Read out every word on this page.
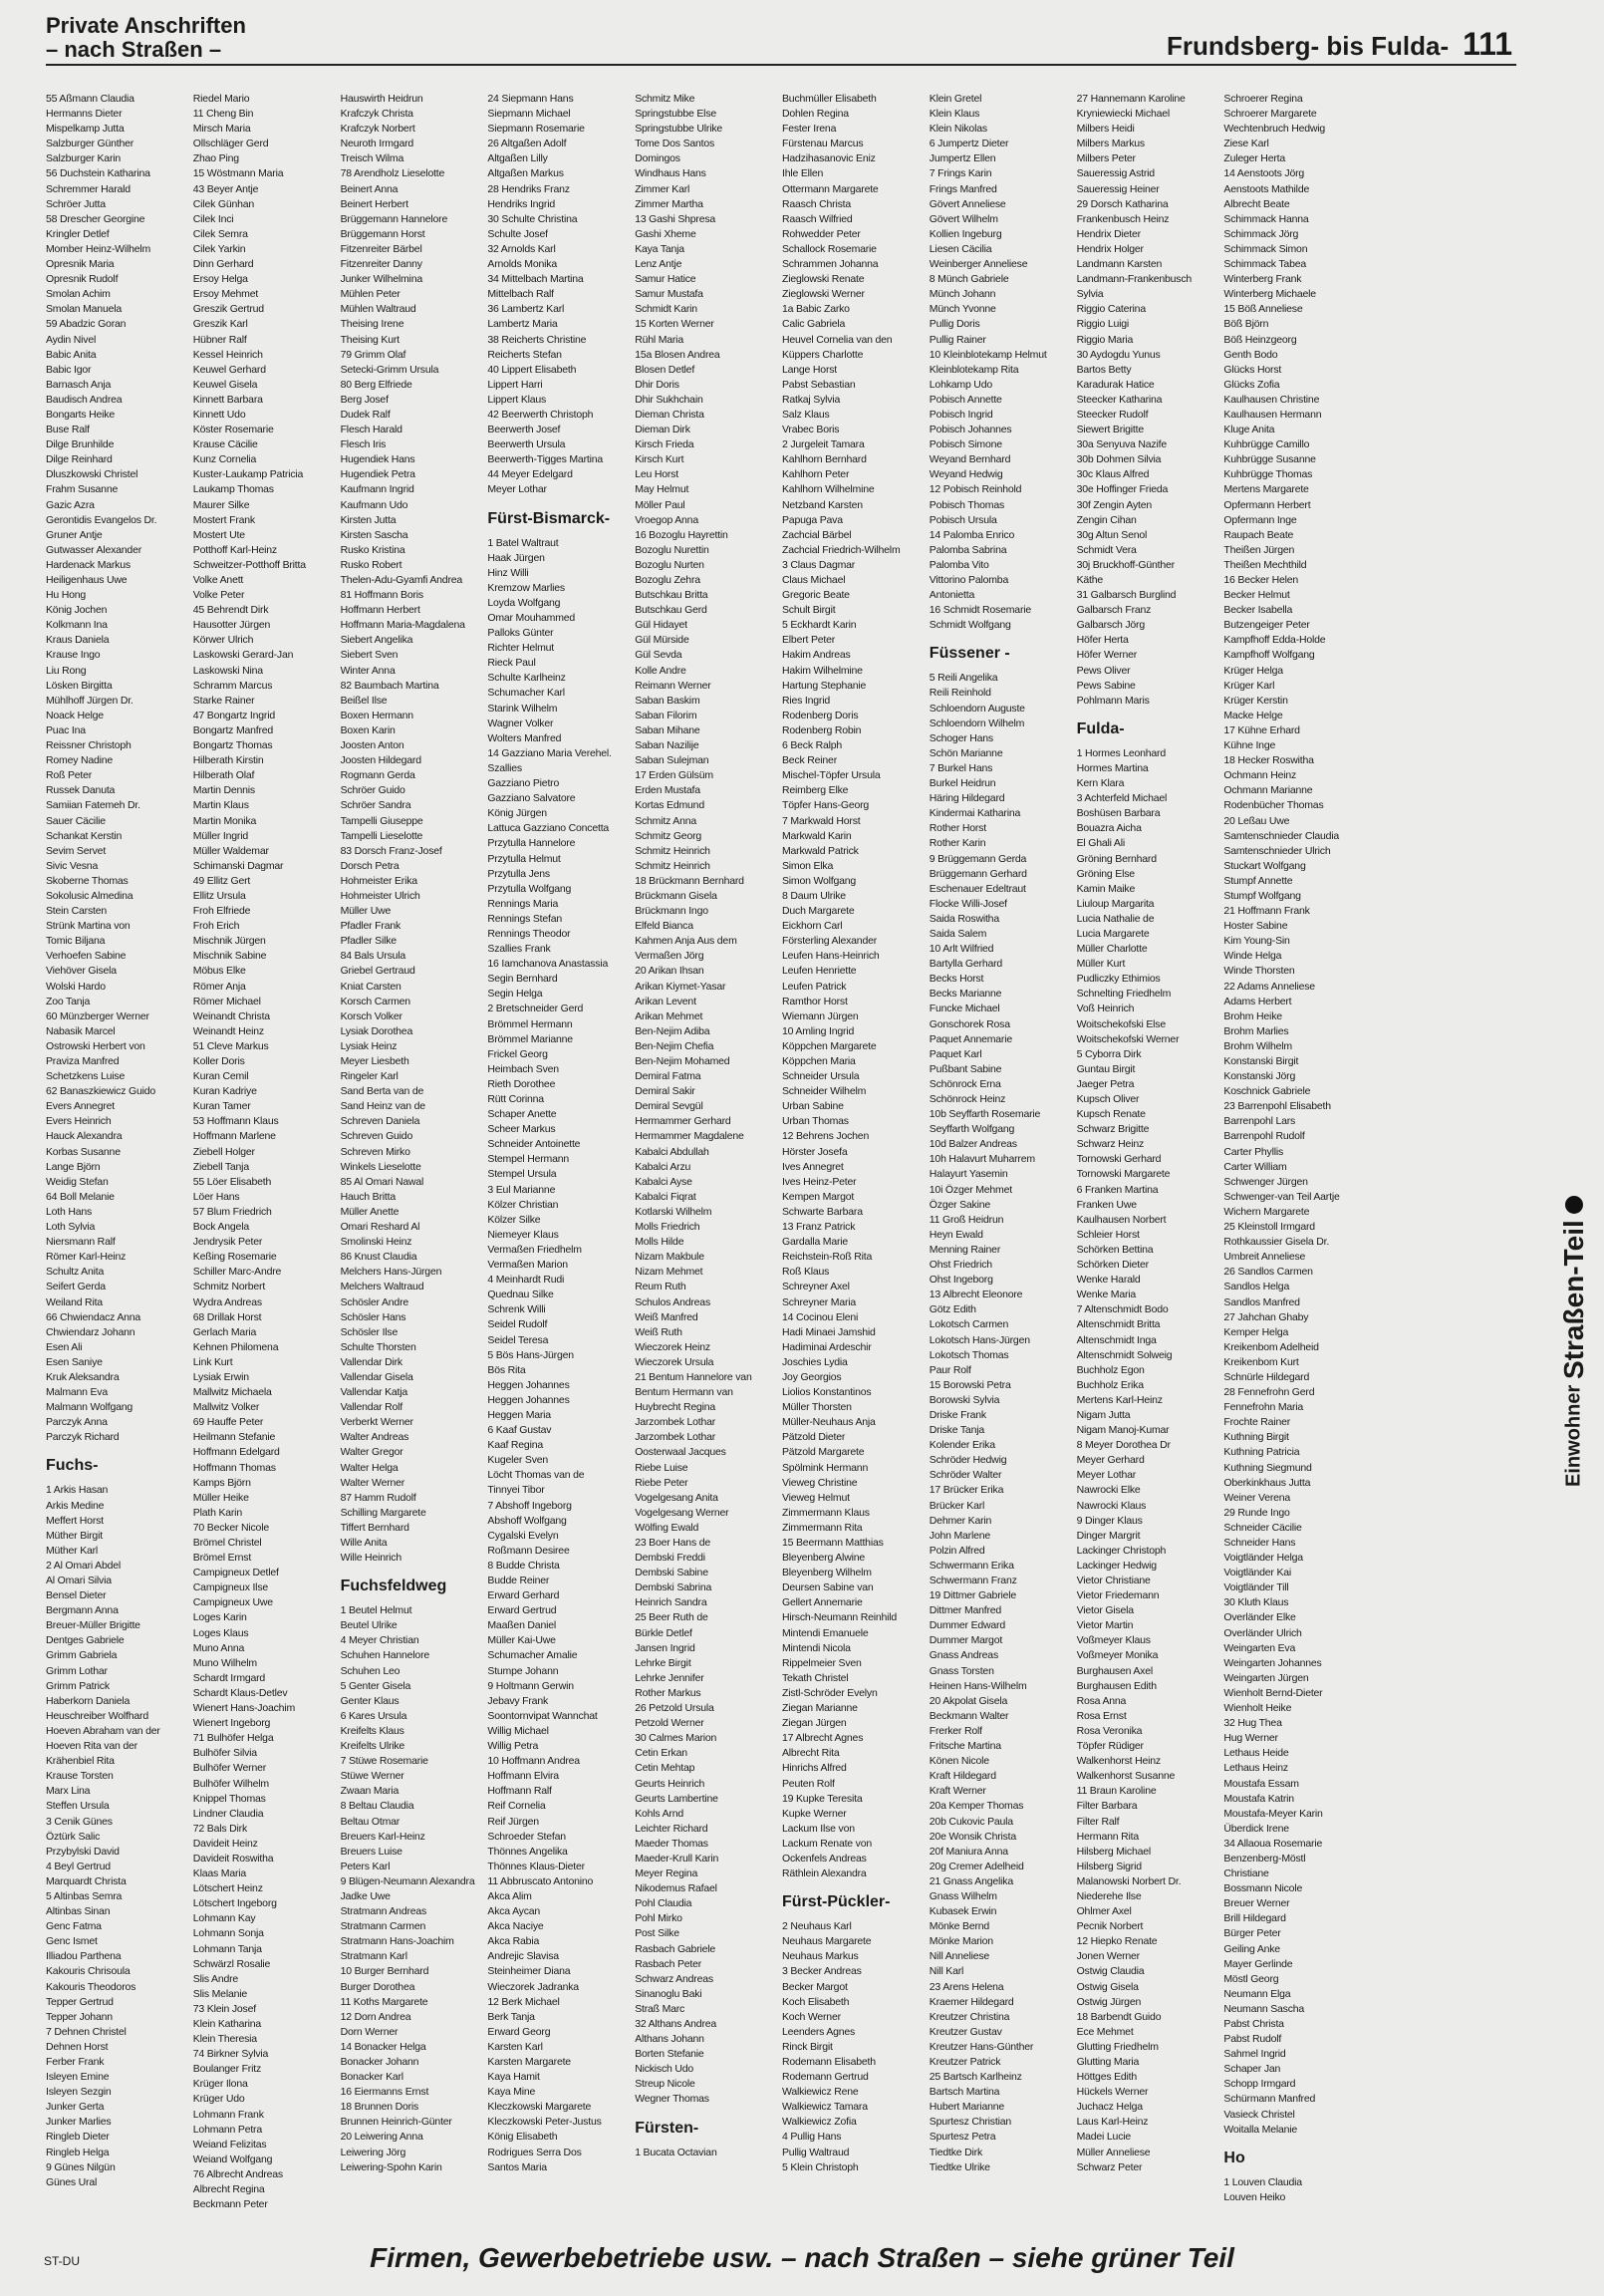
Private Anschriften
– nach Straßen –	Frundsberg- bis Fulda- 111
55 Aßmann Claudia
Hermanns Dieter
Mispelkamp Jutta
Salzburger Günther
Salzburger Karin
56 Duchstein Katharina
Schremmer Harald
Schröer Jutta
58 Drescher Georgine
Kringler Detlef
Momber Heinz-Wilhelm
Opresnik Maria
Opresnik Rudolf
Smolan Achim
Smolan Manuela
59 Abadzic Goran
Aydin Nivel
Babic Anita
Babic Igor
Barnasch Anja
Baudisch Andrea
Bongarts Heike
Buse Ralf
Dilge Brunhilde
Dilge Reinhard
Dluszkowski Christel
Frahm Susanne
Gazic Azra
Gerontidis Evangelos Dr.
Gruner Antje
Gutwasser Alexander
Hardenack Markus
Heiligenhaus Uwe
Hu Hong
König Jochen
Kolkmann Ina
Kraus Daniela
Krause Ingo
Liu Rong
Lösken Birgitta
Mühlhoff Jürgen Dr.
Noack Helge
Puac Ina
Reissner Christoph
Romey Nadine
Roß Peter
Russek Danuta
Samiian Fatemeh Dr.
Sauer Cäcilie
Schankat Kerstin
Sevim Servet
Sivic Vesna
Skoberne Thomas
Sokolusic Almedina
Stein Carsten
Strünk Martina von
Tomic Biljana
Verhoefen Sabine
Viehöver Gisela
Wolski Hardo
Zoo Tanja
60 Münzberger Werner
Nabasik Marcel
Ostrowski Herbert von
Praviza Manfred
Schetzkens Luise
62 Banaszkiewicz Guido
Evers Annegret
Evers Heinrich
Hauck Alexandra
Korbas Susanne
Lange Björn
Weidig Stefan
64 Boll Melanie
Loth Hans
Loth Sylvia
Niersmann Ralf
Römer Karl-Heinz
Schultz Anita
Seifert Gerda
Weiland Rita
66 Chwiendacz Anna
Chwiendarz Johann
Esen Ali
Esen Saniye
Kruk Aleksandra
Malmann Eva
Malmann Wolfgang
Parczyk Anna
Parczyk Richard
Fuchs-
1 Arkis Hasan
Arkis Medine
Meffert Horst
Müther Birgit
Müther Karl
2 Al Omari Abdel
Al Omari Silvia
Bensel Dieter
Bergmann Anna
Breuer-Müller Brigitte
Dentges Gabriele
Grimm Gabriela
Grimm Lothar
Grimm Patrick
Haberkorn Daniela
Heuschreiber Wolfhard
Hoeven Abraham van der
Hoeven Rita van der
Krähenbiel Rita
Krause Torsten
Marx Lina
Steffen Ursula
3 Cenik Günes
Öztürk Salic
Przybylski David
4 Beyl Gertrud
Marquardt Christa
5 Altinbas Semra
Altinbas Sinan
Genc Fatma
Genc Ismet
Illiadou Parthena
Kakouris Chrisoula
Kakouris Theodoros
Tepper Gertrud
Tepper Johann
7 Dehnen Christel
Dehnen Horst
Ferber Frank
Isleyen Emine
Isleyen Sezgin
Junker Gerta
Junker Marlies
Ringleb Dieter
Ringleb Helga
9 Günes Nilgün
Günes Ural
Riedel Mario
11 Cheng Bin
Mirsch Maria
Ollschläger Gerd
Zhao Ping
15 Wöstmann Maria
43 Beyer Antje
Cilek Günhan
Cilek Inci
Cilek Semra
Cilek Yarkin
Dinn Gerhard
Ersoy Helga
Ersoy Mehmet
Greszik Gertrud
Greszik Karl
Hübner Ralf
Kessel Heinrich
Keuwel Gerhard
Keuwel Gisela
Kinnett Barbara
Kinnett Udo
Köster Rosemarie
Krause Cäcilie
Kunz Cornelia
Kuster-Laukamp Patricia
Laukamp Thomas
Maurer Silke
Mostert Frank
Mostert Ute
Potthoff Karl-Heinz
Schweitzer-Potthoff Britta
Volke Anett
Volke Peter
45 Behrendt Dirk
Hausotter Jürgen
Körwer Ulrich
Laskowski Gerard-Jan
Laskowski Nina
Schramm Marcus
Starke Rainer
47 Bongartz Ingrid
Bongartz Manfred
Bongartz Thomas
Hilberath Kirstin
Hilberath Olaf
Martin Dennis
Martin Klaus
Martin Monika
Müller Ingrid
Müller Waldemar
Schimanski Dagmar
49 Ellitz Gert
Ellitz Ursula
Froh Elfriede
Froh Erich
Mischnik Jürgen
Mischnik Sabine
Möbus Elke
Römer Anja
Römer Michael
Weinandt Christa
Weinandt Heinz
51 Cleve Markus
Koller Doris
Kuran Cemil
Kuran Kadriye
Kuran Tamer
53 Hoffmann Klaus
Hoffmann Marlene
Ziebell Holger
Ziebell Tanja
55 Löer Elisabeth
Löer Hans
57 Blum Friedrich
Bock Angela
Jendrysik Peter
Keßing Rosemarie
Schiller Marc-Andre
Schmitz Norbert
Wydra Andreas
68 Drillak Horst
Gerlach Maria
Kehnen Philomena
Link Kurt
Lysiak Erwin
Mallwitz Michaela
Mallwitz Volker
69 Hauffe Peter
Heilmann Stefanie
Hoffmann Edelgard
Hoffmann Thomas
Kamps Björn
Müller Heike
Plath Karin
70 Becker Nicole
Brömel Christel
Brömel Ernst
Campigneux Detlef
Campigneux Ilse
Campigneux Uwe
Loges Karin
Loges Klaus
Muno Anna
Muno Wilhelm
Schardt Irmgard
Schardt Klaus-Detlev
Wienert Hans-Joachim
Wienert Ingeborg
71 Bulhöfer Helga
Bulhöfer Silvia
Bulhöfer Werner
Bulhöfer Wilhelm
Knippel Thomas
Lindner Claudia
72 Bals Dirk
Davideit Heinz
Davideit Roswitha
Klaas Maria
Lötschert Heinz
Lötschert Ingeborg
Lohmann Kay
Lohmann Sonja
Lohmann Tanja
Schwärzl Rosalie
Slis Andre
Slis Melanie
73 Klein Josef
Klein Katharina
Klein Theresia
74 Birkner Sylvia
Boulanger Fritz
Krüger Ilona
Krüger Udo
Lohmann Frank
Lohmann Petra
Weiand Felizitas
Weiand Wolfgang
76 Albrecht Andreas
Albrecht Regina
Beckmann Peter
Hauswirth Heidrun
Krafczyk Christa
Krafczyk Norbert
Neuroth Irmgard
Treisch Wilma
78 Arendholz Lieselotte
Beinert Anna
Beinert Herbert
Brüggemann Hannelore
Brüggemann Horst
Fitzenreiter Bärbel
Fitzenreiter Danny
Junker Wilhelmina
Mühlen Peter
Mühlen Waltraud
Theising Irene
Theising Kurt
79 Grimm Olaf
Setecki-Grimm Ursula
80 Berg Elfriede
Berg Josef
Dudek Ralf
Flesch Harald
Flesch Iris
Hugendiek Hans
Hugendiek Petra
Kaufmann Ingrid
Kaufmann Udo
Kirsten Jutta
Kirsten Sascha
Rusko Kristina
Rusko Robert
Thelen-Adu-Gyamfi Andrea
81 Hoffmann Boris
Hoffmann Herbert
Hoffmann Maria-Magdalena
Siebert Angelika
Siebert Sven
Winter Anna
82 Baumbach Martina
Beißel Ilse
Boxen Hermann
Boxen Karin
Joosten Anton
Joosten Hildegard
Rogmann Gerda
Schröer Guido
Schröer Sandra
Tampelli Giuseppe
Tampelli Lieselotte
83 Dorsch Franz-Josef
Dorsch Petra
Hohmeister Erika
Hohmeister Ulrich
Müller Uwe
Pfadler Frank
Pfadler Silke
84 Bals Ursula
Griebel Gertraud
Kniat Carsten
Korsch Carmen
Korsch Volker
Lysiak Dorothea
Lysiak Heinz
Meyer Liesbeth
Ringeler Karl
Sand Berta van de
Sand Heinz van de
Schreven Daniela
Schreven Guido
Schreven Mirko
Winkels Lieselotte
85 Al Omari Nawal
Hauch Britta
Müller Anette
Omari Reshard Al
Smolinski Heinz
86 Knust Claudia
Melchers Hans-Jürgen
Melchers Waltraud
Schösler Andre
Schösler Hans
Schösler Ilse
Schulte Thorsten
Vallendar Dirk
Vallendar Gisela
Vallendar Katja
Vallendar Rolf
Verberkt Werner
Walter Andreas
Walter Gregor
Walter Helga
Walter Werner
87 Hamm Rudolf
Schilling Margarete
Tiffert Bernhard
Wille Anita
Wille Heinrich
Fuchsfeldweg
1 Beutel Helmut
Beutel Ulrike
4 Meyer Christian
Schuhen Hannelore
Schuhen Leo
5 Genter Gisela
Genter Klaus
6 Kares Ursula
Kreifelts Klaus
Kreifelts Ulrike
7 Stüwe Rosemarie
Stüwe Werner
Zwaan Maria
8 Beltau Claudia
Beltau Otmar
Breuers Karl-Heinz
Breuers Luise
Peters Karl
9 Blügen-Neumann Alexandra
Jadke Uwe
Stratmann Andreas
Stratmann Carmen
Stratmann Hans-Joachim
Stratmann Karl
10 Burger Bernhard
Burger Dorothea
11 Koths Margarete
12 Dorn Andrea
Dorn Werner
14 Bonacker Helga
Bonacker Johann
Bonacker Karl
16 Eiermanns Ernst
18 Brunnen Doris
Brunnen Heinrich-Günter
20 Leiwering Anna
Leiwering Jörg
Leiwering-Spohn Karin
24 Siepmann Hans
Siepmann Michael
Siepmann Rosemarie
26 Altgaßen Adolf
Altgaßen Lilly
Altgaßen Markus
28 Hendriks Franz
Hendriks Ingrid
30 Schulte Christina
Schulte Josef
32 Arnolds Karl
Arnolds Monika
34 Mittelbach Martina
Mittelbach Ralf
36 Lambertz Karl
Lambertz Maria
38 Reicherts Christine
Reicherts Stefan
40 Lippert Elisabeth
Lippert Harri
Lippert Klaus
42 Beerwerth Christoph
Beerwerth Josef
Beerwerth Ursula
Beerwerth-Tigges Martina
44 Meyer Edelgard
Meyer Lothar
Fürst-Bismarck-
1 Batel Waltraut
Haak Jürgen
Hinz Willi
Kremzow Marlies
Loyda Wolfgang
Omar Mouhammed
Palloks Günter
Richter Helmut
Rieck Paul
Schulte Karlheinz
Schumacher Karl
Starink Wilhelm
Wagner Volker
Wolters Manfred
14 Gazziano Maria Verehel.
Szallies
Gazziano Pietro
Gazziano Salvatore
König Jürgen
Lattuca Gazziano Concetta
Przytulla Hannelore
Przytulla Helmut
Przytulla Jens
Przytulla Wolfgang
Rennings Maria
Rennings Stefan
Rennings Theodor
Szallies Frank
16 Iamchanova Anastassia
Segin Bernhard
Segin Helga
2 Bretschneider Gerd
Brömmel Hermann
Brömmel Marianne
Frickel Georg
Heimbach Sven
Rieth Dorothee
Rütt Corinna
Schaper Anette
Scheer Markus
Schneider Antoinette
Stempel Hermann
Stempel Ursula
3 Eul Marianne
Kölzer Christian
Kölzer Silke
Niemeyer Klaus
Vermaßen Friedhelm
Vermaßen Marion
4 Meinhardt Rudi
Quednau Silke
Schrenk Willi
Seidel Rudolf
Seidel Teresa
5 Bös Hans-Jürgen
Bös Rita
Heggen Johannes
Heggen Johannes
Heggen Maria
6 Kaaf Gustav
Kaaf Regina
Kugeler Sven
Löcht Thomas van de
Tinnyei Tibor
7 Abshoff Ingeborg
Abshoff Wolfgang
Cygalski Evelyn
Roßmann Desiree
8 Budde Christa
Budde Reiner
Erward Gerhard
Erward Gertrud
Maaßen Daniel
Müller Kai-Uwe
Schumacher Amalie
Stumpe Johann
9 Holtmann Gerwin
Jebavy Frank
Soontornvipat Wannchat
Willig Michael
Willig Petra
10 Hoffmann Andrea
Hoffmann Elvira
Hoffmann Ralf
Reif Cornelia
Reif Jürgen
Schroeder Stefan
Thönnes Angelika
Thönnes Klaus-Dieter
11 Abbruscato Antonino
Akca Alim
Akca Aycan
Akca Naciye
Akca Rabia
Andrejic Slavisa
Steinheimer Diana
Wieczorek Jadranka
12 Berk Michael
Berk Tanja
Erward Georg
Karsten Karl
Karsten Margarete
Kaya Hamit
Kaya Mine
Kleczkowski Margarete
Kleczkowski Peter-Justus
König Elisabeth
Rodrigues Serra Dos
Santos Maria
Schmitz Mike
Springstubbe Else
Springstubbe Ulrike
Tome Dos Santos
Domingos
Windhaus Hans
Zimmer Karl
Zimmer Martha
13 Gashi Shpresa
Gashi Xheme
Kaya Tanja
Lenz Antje
Samur Hatice
Samur Mustafa
Schmidt Karin
15 Korten Werner
Rühl Maria
15a Blosen Andrea
Blosen Detlef
Dhir Doris
Dhir Sukhchain
Dieman Christa
Dieman Dirk
Kirsch Frieda
Kirsch Kurt
Leu Horst
May Helmut
Möller Paul
Vroegop Anna
16 Bozoglu Hayrettin
Bozoglu Nurettin
Bozoglu Nurten
Bozoglu Zehra
Butschkau Britta
Butschkau Gerd
Gül Hidayet
Gül Mürside
Gül Sevda
Kolle Andre
Reimann Werner
Saban Baskim
Saban Filorim
Saban Mihane
Saban Nazilije
Saban Sulejman
17 Erden Gülsüm
Erden Mustafa
Kortas Edmund
Schmitz Anna
Schmitz Georg
Schmitz Heinrich
Schmitz Heinrich
18 Brückmann Bernhard
Brückmann Gisela
Brückmann Ingo
Elfeld Bianca
Kahmen Anja Aus dem
Vermaßen Jörg
20 Arikan Ihsan
Arikan Kiymet-Yasar
Arikan Levent
Arikan Mehmet
Ben-Nejim Adiba
Ben-Nejim Chefia
Ben-Nejim Mohamed
Demiral Fatma
Demiral Sakir
Demiral Sevgül
Hermammer Gerhard
Hermammer Magdalene
Kabalci Abdullah
Kabalci Arzu
Kabalci Ayse
Kabalci Fiqrat
Kotlarski Wilhelm
Molls Friedrich
Molls Hilde
Nizam Makbule
Nizam Mehmet
Reum Ruth
Schulos Andreas
Weiß Manfred
Weiß Ruth
Wieczorek Heinz
Wieczorek Ursula
21 Bentum Hannelore van
Bentum Hermann van
Huybrecht Regina
Jarzombek Lothar
Jarzombek Lothar
Oosterwaal Jacques
Riebe Luise
Riebe Peter
Vogelgesang Anita
Vogelgesang Werner
Wölfing Ewald
23 Boer Hans de
Dembski Freddi
Dembski Sabine
Dembski Sabrina
Heinrich Sandra
25 Beer Ruth de
Bürkle Detlef
Jansen Ingrid
Lehrke Birgit
Lehrke Jennifer
Rother Markus
26 Petzold Ursula
Petzold Werner
30 Calmes Marion
Cetin Erkan
Cetin Mehtap
Geurts Heinrich
Geurts Lambertine
Kohls Arnd
Leichter Richard
Maeder Thomas
Maeder-Krull Karin
Meyer Regina
Nikodemus Rafael
Pohl Claudia
Pohl Mirko
Post Silke
Rasbach Gabriele
Rasbach Peter
Schwarz Andreas
Sinanoglu Baki
Straß Marc
32 Althans Andrea
Althans Johann
Borten Stefanie
Nickisch Udo
Streup Nicole
Wegner Thomas
Fürsten-
1 Bucata Octavian
Buchmüller Elisabeth
Dohlen Regina
Fester Irena
Fürstenau Marcus
Hadzihasanovic Eniz
Ihle Ellen
Ottermann Margarete
Raasch Christa
Raasch Wilfried
Rohwedder Peter
Schallock Rosemarie
Schrammen Johanna
Zieglowski Renate
Zieglowski Werner
1a Babic Zarko
Calic Gabriela
Heuvel Cornelia van den
Küppers Charlotte
Lange Horst
Pabst Sebastian
Ratkaj Sylvia
Salz Klaus
Vrabec Boris
2 Jurgeleit Tamara
Kahlhorn Bernhard
Kahlhorn Peter
Kahlhorn Wilhelmine
Netzband Karsten
Papuga Pava
Zachcial Bärbel
Zachcial Friedrich-Wilhelm
3 Claus Dagmar
Claus Michael
Gregoric Beate
Schult Birgit
5 Eckhardt Karin
Elbert Peter
Hakim Andreas
Hakim Wilhelmine
Hartung Stephanie
Ries Ingrid
Rodenberg Doris
Rodenberg Robin
6 Beck Ralph
Beck Reiner
Mischel-Töpfer Ursula
Reimberg Elke
Töpfer Hans-Georg
7 Markwald Horst
Markwald Karin
Markwald Patrick
Simon Elka
Simon Wolfgang
8 Daum Ulrike
Duch Margarete
Eickhorn Carl
Försterling Alexander
Leufen Hans-Heinrich
Leufen Henriette
Leufen Patrick
Ramthor Horst
Wiemann Jürgen
10 Amling Ingrid
Köppchen Margarete
Köppchen Maria
Schneider Ursula
Schneider Wilhelm
Urban Sabine
Urban Thomas
12 Behrens Jochen
Hörster Josefa
Ives Annegret
Ives Heinz-Peter
Kempen Margot
Schwarte Barbara
13 Franz Patrick
Gardalla Marie
Reichstein-Roß Rita
Roß Klaus
Schreyner Axel
Schreyner Maria
14 Cocinou Eleni
Hadi Minaei Jamshid
Hadiminai Ardeschir
Joschies Lydia
Joy Georgios
Liolios Konstantinos
Müller Thorsten
Müller-Neuhaus Anja
Pätzold Dieter
Pätzold Margarete
Spölmink Hermann
Vieweg Christine
Vieweg Helmut
Zimmermann Klaus
Zimmermann Rita
15 Beermann Matthias
Bleyenberg Alwine
Bleyenberg Wilhelm
Deursen Sabine van
Gellert Annemarie
Hirsch-Neumann Reinhild
Mintendi Emanuele
Mintendi Nicola
Rippelmeier Sven
Tekath Christel
Zistl-Schröder Evelyn
Ziegan Marianne
Ziegan Jürgen
17 Albrecht Agnes
Albrecht Rita
Hinrichs Alfred
Peuten Rolf
19 Kupke Teresita
Kupke Werner
Lackum Ilse von
Lackum Renate von
Ockenfels Andreas
Räthlein Alexandra
Fürst-Pückler-
2 Neuhaus Karl
Neuhaus Margarete
Neuhaus Markus
3 Becker Andreas
Becker Margot
Koch Elisabeth
Koch Werner
Leenders Agnes
Rinck Birgit
Rodemann Elisabeth
Rodemann Gertrud
Walkiewicz Rene
Walkiewicz Tamara
Walkiewicz Zofia
4 Pullig Hans
Pullig Waltraud
5 Klein Christoph
Klein Gretel
Klein Klaus
Klein Nikolas
6 Jumpertz Dieter
Jumpertz Ellen
7 Frings Karin
Frings Manfred
Gövert Anneliese
Gövert Wilhelm
Kollien Ingeburg
Liesen Cäcilia
Weinberger Anneliese
8 Münch Gabriele
Münch Johann
Münch Yvonne
Pullig Doris
Pullig Rainer
10 Kleinblotekamp Helmut
Kleinblotekamp Rita
Lohkamp Udo
Pobisch Annette
Pobisch Ingrid
Pobisch Johannes
Pobisch Simone
Weyand Bernhard
Weyand Hedwig
12 Pobisch Reinhold
Pobisch Thomas
Pobisch Ursula
14 Palomba Enrico
Palomba Sabrina
Palomba Vito
Vittorino Palomba
Antonietta
16 Schmidt Rosemarie
Schmidt Wolfgang
Füssener -
5 Reili Angelika
Reili Reinhold
Schloendorn Auguste
Schloendorn Wilhelm
Schoger Hans
Schön Marianne
7 Burkel Hans
Burkel Heidrun
Häring Hildegard
Kindermai Katharina
Rother Horst
Rother Karin
9 Brüggemann Gerda
Brüggemann Gerhard
Eschenauer Edeltraut
Flocke Willi-Josef
Saida Roswitha
Saida Salem
10 Arlt Wilfried
Bartylla Gerhard
Becks Horst
Becks Marianne
Funcke Michael
Gonschorek Rosa
Paquet Annemarie
Paquet Karl
Pußbant Sabine
Schönrock Erna
Schönrock Heinz
10b Seyffarth Rosemarie
Seyffarth Wolfgang
10d Balzer Andreas
10h Halavurt Muharrem
Halayurt Yasemin
10i Özger Mehmet
Özger Sakine
11 Groß Heidrun
Heyn Ewald
Menning Rainer
Ohst Friedrich
Ohst Ingeborg
13 Albrecht Eleonore
Götz Edith
Lokotsch Carmen
Lokotsch Hans-Jürgen
Lokotsch Thomas
Paur Rolf
15 Borowski Petra
Borowski Sylvia
Driske Frank
Driske Tanja
Kolender Erika
Schröder Hedwig
Schröder Walter
17 Brücker Erika
Brücker Karl
Dehmer Karin
John Marlene
Polzin Alfred
Schwermann Erika
Schwermann Franz
19 Dittmer Gabriele
Dittmer Manfred
Dummer Edward
Dummer Margot
Gnass Andreas
Gnass Torsten
Heinen Hans-Wilhelm
20 Akpolat Gisela
Beckmann Walter
Frerker Rolf
Fritsche Martina
Könen Nicole
Kraft Hildegard
Kraft Werner
20a Kemper Thomas
20b Cukovic Paula
20e Wonsik Christa
20f Maniura Anna
20g Cremer Adelheid
21 Gnass Angelika
Gnass Wilhelm
Kubasek Erwin
Mönke Bernd
Mönke Marion
Nill Anneliese
Nill Karl
23 Arens Helena
Kraemer Hildegard
Kreutzer Christina
Kreutzer Gustav
Kreutzer Hans-Günther
Kreutzer Patrick
25 Bartsch Karlheinz
Bartsch Martina
Hubert Marianne
Spurtesz Christian
Spurtesz Petra
Tiedtke Dirk
Tiedtke Ulrike
27 Hannemann Karoline
Kryniewiecki Michael
Milbers Heidi
Milbers Markus
Milbers Peter
Saueressig Astrid
Saueressig Heiner
29 Dorsch Katharina
Frankenbusch Heinz
Hendrix Dieter
Hendrix Holger
Landmann Karsten
Landmann-Frankenbusch
Sylvia
Riggio Caterina
Riggio Luigi
Riggio Maria
30 Aydogdu Yunus
Bartos Betty
Karadurak Hatice
Steecker Katharina
Steecker Rudolf
Siewert Brigitte
30a Senyuva Nazife
30b Dohmen Silvia
30c Klaus Alfred
30e Hoffinger Frieda
30f Zengin Ayten
Zengin Cihan
30g Altun Senol
Schmidt Vera
30j Bruckhoff-Günther
Käthe
31 Galbarsch Burglind
Galbarsch Franz
Galbarsch Jörg
Höfer Herta
Höfer Werner
Pews Oliver
Pews Sabine
Pohlmann Maris
Fulda-
1 Hormes Leonhard
Hormes Martina
Kern Klara
3 Achterfeld Michael
Boshüsen Barbara
Bouazra Aicha
El Ghali Ali
Gröning Bernhard
Gröning Else
Kamin Maike
Liuloup Margarita
Lucia Nathalie de
Lucia Margarete
Müller Charlotte
Müller Kurt
Pudliczky Ethimios
Schnelting Friedhelm
Voß Heinrich
Woitschekofski Else
Woitschekofski Werner
5 Cyborra Dirk
Guntau Birgit
Jaeger Petra
Kupsch Oliver
Kupsch Renate
Schwarz Brigitte
Schwarz Heinz
Tornowski Gerhard
Tornowski Margarete
6 Franken Martina
Franken Uwe
Kaulhausen Norbert
Schleier Horst
Schörken Bettina
Schörken Dieter
Wenke Harald
Wenke Maria
7 Altenschmidt Bodo
Altenschmidt Britta
Altenschmidt Inga
Altenschmidt Solweig
Buchholz Egon
Buchholz Erika
Mertens Karl-Heinz
Nigam Jutta
Nigam Manoj-Kumar
8 Meyer Dorothea Dr
Meyer Gerhard
Meyer Lothar
Nawrocki Elke
Nawrocki Klaus
9 Dinger Klaus
Dinger Margrit
Lackinger Christoph
Lackinger Hedwig
Vietor Christiane
Vietor Friedemann
Vietor Gisela
Vietor Martin
Voßmeyer Klaus
Voßmeyer Monika
Burghausen Axel
Burghausen Edith
Rosa Anna
Rosa Ernst
Rosa Veronika
Töpfer Rüdiger
Walkenhorst Heinz
Walkenhorst Susanne
11 Braun Karoline
Filter Barbara
Filter Ralf
Hermann Rita
Hilsberg Michael
Hilsberg Sigrid
Malanowski Norbert Dr.
Niederehe Ilse
Ohlmer Axel
Pecnik Norbert
12 Hiepko Renate
Jonen Werner
Ostwig Claudia
Ostwig Gisela
Ostwig Jürgen
18 Barbendt Guido
Ece Mehmet
Glutting Friedhelm
Glutting Maria
Höttges Edith
Hückels Werner
Juchacz Helga
Laus Karl-Heinz
Madei Lucie
Müller Anneliese
Schwarz Peter
Schroerer Regina
Schroerer Margarete
Wechtenbruch Hedwig
Ziese Karl
Zuleger Herta
14 Aenstoots Jörg
Aenstoots Mathilde
Albrecht Beate
Schimmack Hanna
Schimmack Jörg
Schimmack Simon
Schimmack Tabea
Winterberg Frank
Winterberg Michaele
15 Böß Anneliese
Böß Björn
Böß Heinzgeorg
Genth Bodo
Glücks Horst
Glücks Zofia
Kaulhausen Christine
Kaulhausen Hermann
Kluge Anita
Kuhbrügge Camillo
Kuhbrügge Susanne
Kuhbrügge Thomas
Mertens Margarete
Opfermann Herbert
Opfermann Inge
Raupach Beate
Theißen Jürgen
Theißen Mechthild
16 Becker Helen
Becker Helmut
Becker Isabella
Butzengeiger Peter
Kampfhoff Edda-Holde
Kampfhoff Wolfgang
Krüger Helga
Krüger Karl
Krüger Kerstin
Macke Helge
17 Kühne Erhard
Kühne Inge
18 Hecker Roswitha
Ochmann Heinz
Ochmann Marianne
Rodenbücher Thomas
20 Leßau Uwe
Samtenschnieder Claudia
Samtenschnieder Ulrich
Stuckart Wolfgang
Stumpf Annette
Stumpf Wolfgang
21 Hoffmann Frank
Hoster Sabine
Kim Young-Sin
Winde Helga
Winde Thorsten
22 Adams Anneliese
Adams Herbert
Brohm Heike
Brohm Marlies
Brohm Wilhelm
Konstanski Birgit
Konstanski Jörg
Koschnick Gabriele
23 Barrenpohl Elisabeth
Barrenpohl Lars
Barrenpohl Rudolf
Carter Phyllis
Carter William
Schwenger Jürgen
Schwenger-van Teil Aartje
Wichern Margarete
25 Kleinstoll Irmgard
Rothkaussier Gisela Dr.
Umbreit Anneliese
26 Sandlos Carmen
Sandlos Helga
Sandlos Manfred
27 Jahchan Ghaby
Kemper Helga
Kreikenbom Adelheid
Kreikenbom Kurt
Schnürle Hildegard
28 Fennefrohn Gerd
Fennefrohn Maria
Frochte Rainer
Kuthning Birgit
Kuthning Patricia
Kuthning Siegmund
Oberkinkhaus Jutta
Weiner Verena
29 Runde Ingo
Schneider Cäcilie
Schneider Hans
Voigtländer Helga
Voigtländer Kai
Voigtländer Till
30 Kluth Klaus
Overländer Elke
Overländer Ulrich
Weingarten Eva
Weingarten Johannes
Weingarten Jürgen
Wienholt Bernd-Dieter
Wienholt Heike
32 Hug Thea
Hug Werner
Lethaus Heide
Lethaus Heinz
Moustafa Essam
Moustafa Katrin
Moustafa-Meyer Karin
Überdick Irene
34 Allaoua Rosemarie
Benzenberg-Möstl
Christiane
Bossmann Nicole
Breuer Werner
Brill Hildegard
Bürger Peter
Geiling Anke
Mayer Gerlinde
Möstl Georg
Neumann Elga
Neumann Sascha
Pabst Christa
Pabst Rudolf
Sahmel Ingrid
Schaper Jan
Schopp Irmgard
Schürmann Manfred
Vasieck Christel
Woitalla Melanie
Ho
1 Louven Claudia
Louven Heiko
Einwohner
Straßen-Teil
ST-DU	Firmen, Gewerbebetriebe usw. – nach Straßen – siehe grüner Teil
